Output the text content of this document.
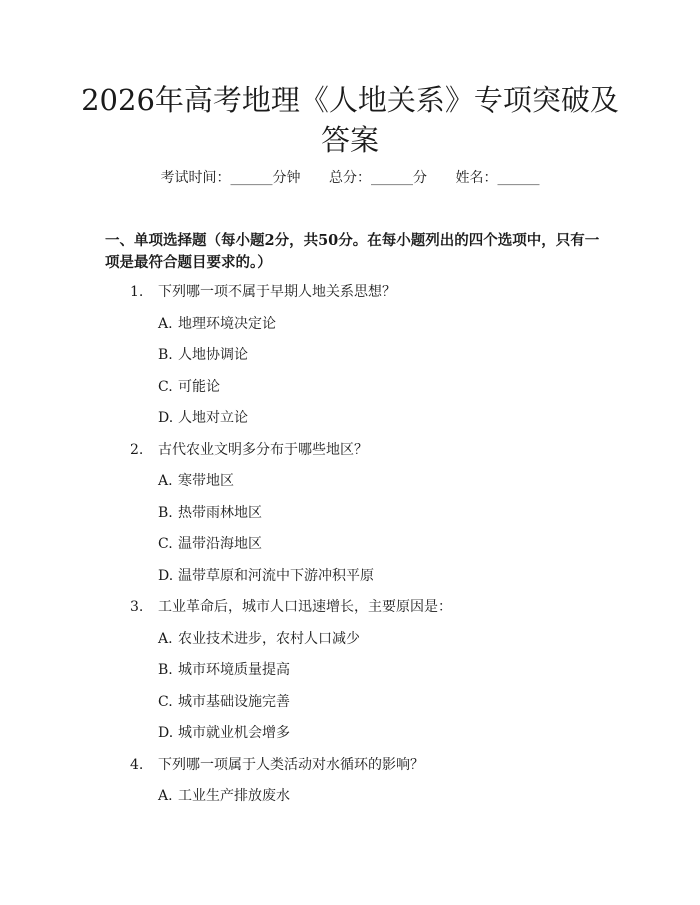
2026年高考地理《人地关系》专项突破及答案
考试时间：______分钟 总分：______分 姓名：______

一、单项选择题（每小题2分，共50分。在每小题列出的四个选项中，只有一项是最符合题目要求的。）

1. 下列哪一项不属于早期人地关系思想？
A. 地理环境决定论
B. 人地协调论
C. 可能论
D. 人地对立论
2. 古代农业文明多分布于哪些地区？
A. 寒带地区
B. 热带雨林地区
C. 温带沿海地区
D. 温带草原和河流中下游冲积平原
3. 工业革命后，城市人口迅速增长，主要原因是：
A. 农业技术进步，农村人口减少
B. 城市环境质量提高
C. 城市基础设施完善
D. 城市就业机会增多
4. 下列哪一项属于人类活动对水循环的影响？
A. 工业生产排放废水
